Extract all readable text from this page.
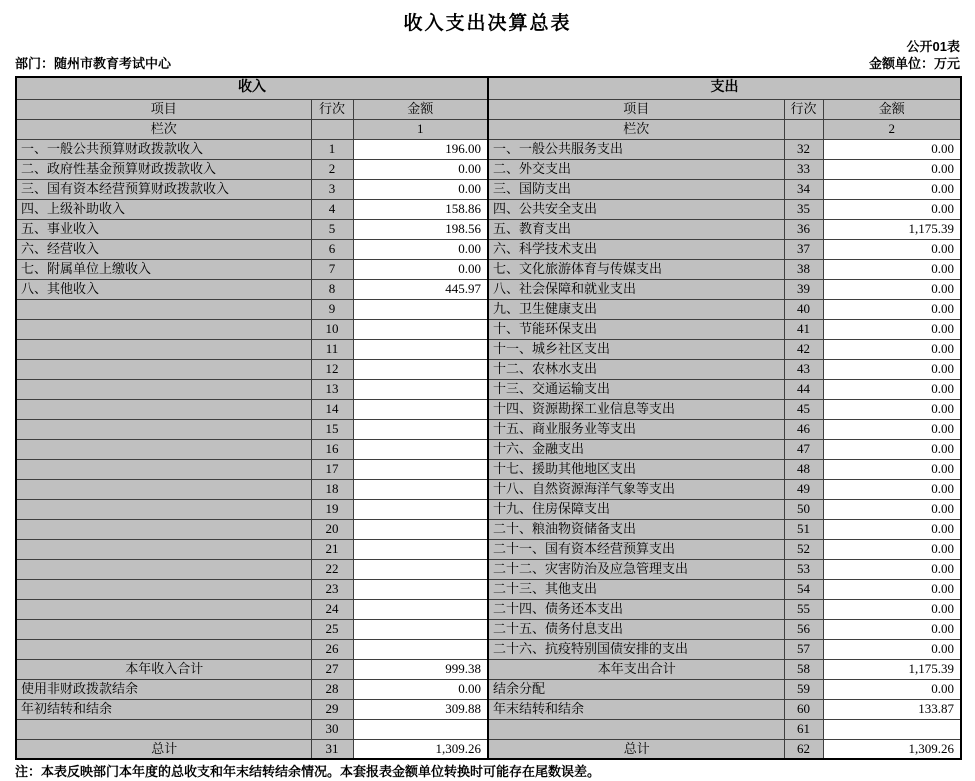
收入支出决算总表
公开01表
部门：随州市教育考试中心	金额单位：万元
收入			支出		
项目	行次	金额	项目	行次	金额
栏次		1	栏次		2
一、一般公共预算财政拨款收入	1	196.00	一、一般公共服务支出	32	0.00
二、政府性基金预算财政拨款收入	2	0.00	二、外交支出	33	0.00
三、国有资本经营预算财政拨款收入	3	0.00	三、国防支出	34	0.00
四、上级补助收入	4	158.86	四、公共安全支出	35	0.00
五、事业收入	5	198.56	五、教育支出	36	1,175.39
六、经营收入	6	0.00	六、科学技术支出	37	0.00
七、附属单位上缴收入	7	0.00	七、文化旅游体育与传媒支出	38	0.00
八、其他收入	8	445.97	八、社会保障和就业支出	39	0.00
	9		九、卫生健康支出	40	0.00
	10		十、节能环保支出	41	0.00
	11		十一、城乡社区支出	42	0.00
	12		十二、农林水支出	43	0.00
	13		十三、交通运输支出	44	0.00
	14		十四、资源勘探工业信息等支出	45	0.00
	15		十五、商业服务业等支出	46	0.00
	16		十六、金融支出	47	0.00
	17		十七、援助其他地区支出	48	0.00
	18		十八、自然资源海洋气象等支出	49	0.00
	19		十九、住房保障支出	50	0.00
	20		二十、粮油物资储备支出	51	0.00
	21		二十一、国有资本经营预算支出	52	0.00
	22		二十二、灾害防治及应急管理支出	53	0.00
	23		二十三、其他支出	54	0.00
	24		二十四、债务还本支出	55	0.00
	25		二十五、债务付息支出	56	0.00
	26		二十六、抗疫特别国债安排的支出	57	0.00
本年收入合计	27	999.38	本年支出合计	58	1,175.39
使用非财政拨款结余	28	0.00	结余分配	59	0.00
年初结转和结余	29	309.88	年末结转和结余	60	133.87
	30			61	
总计	31	1,309.26	总计	62	1,309.26
注：本表反映部门本年度的总收支和年末结转结余情况。本套报表金额单位转换时可能存在尾数误差。
